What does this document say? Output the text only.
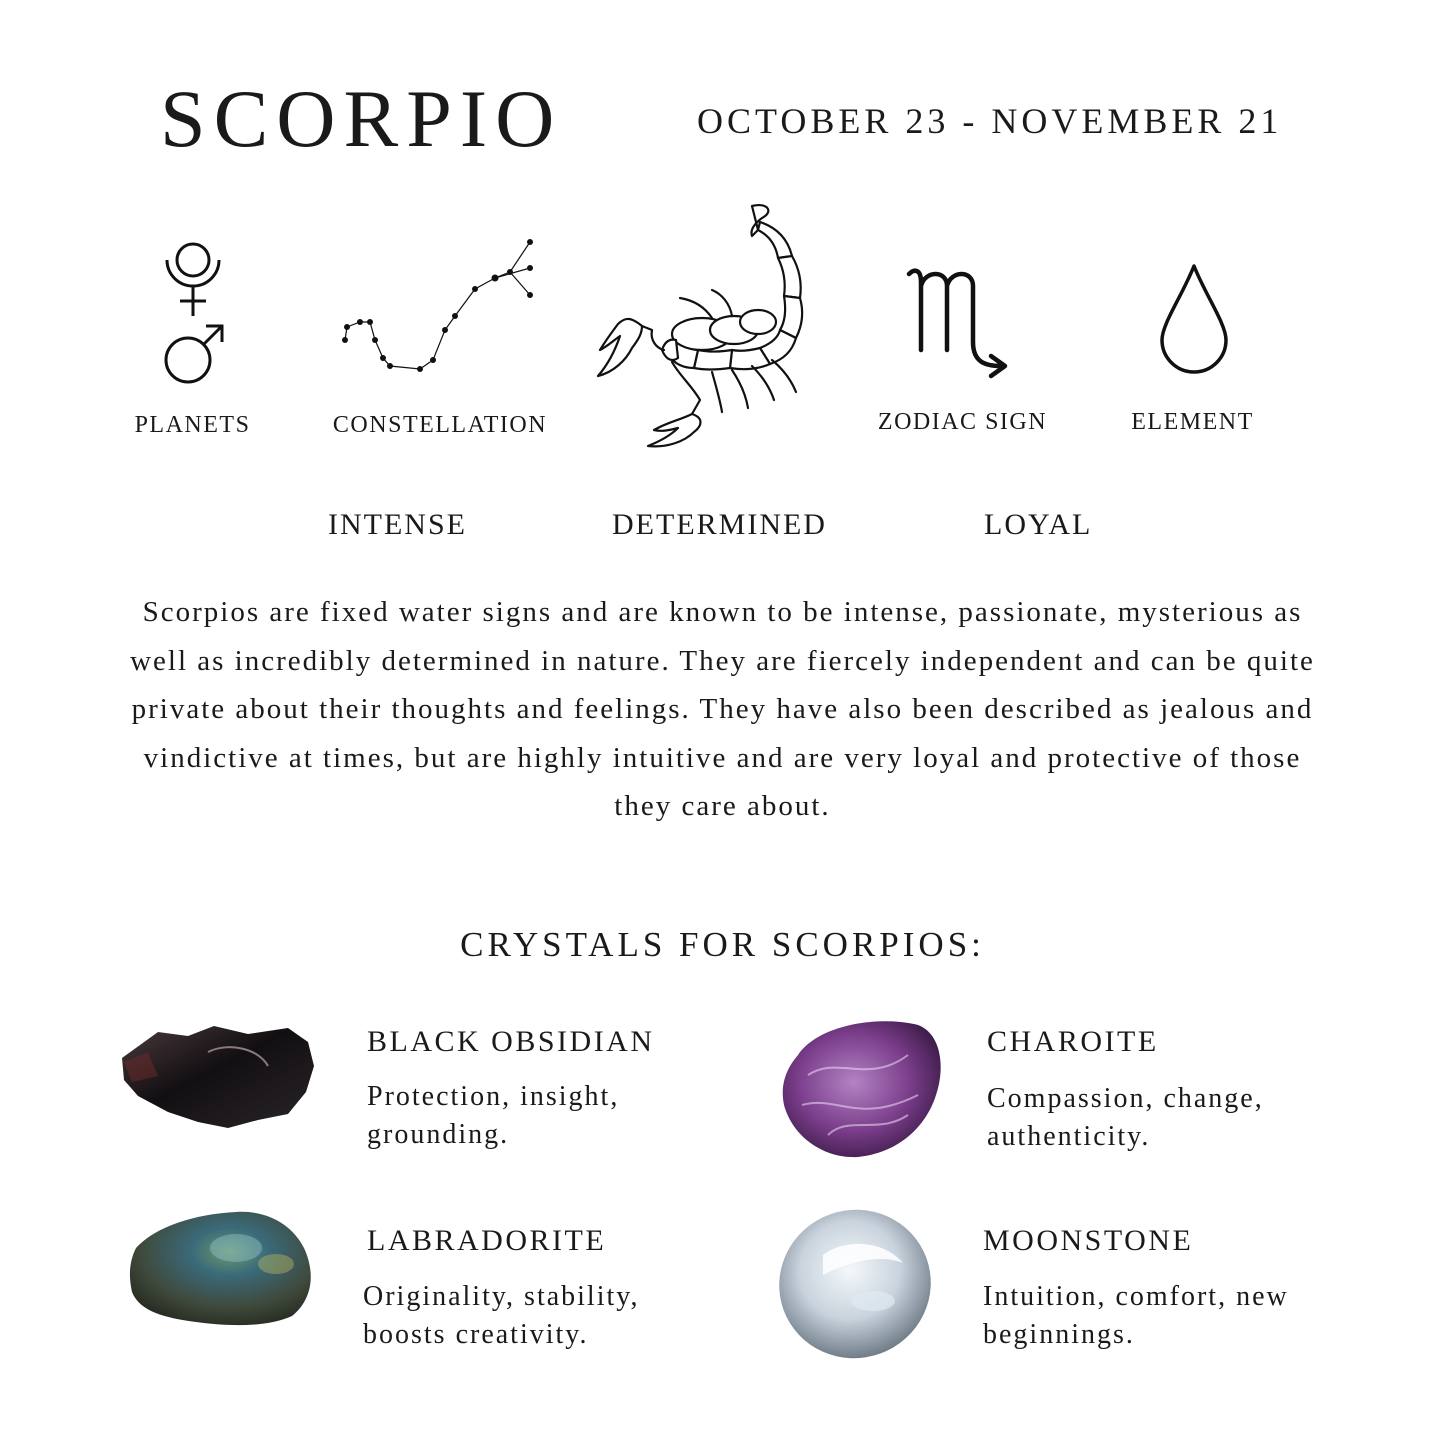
SCORPIO	OCTOBER 23 - NOVEMBER 21
PLANETS	CONSTELLATION	ZODIAC SIGN	ELEMENT
INTENSE	DETERMINED	LOYAL
Scorpios are fixed water signs and are known to be intense, passionate, mysterious as well as incredibly determined in nature. They are fiercely independent and can be quite private about their thoughts and feelings. They have also been described as jealous and vindictive at times, but are highly intuitive and are very loyal and protective of those they care about.
CRYSTALS FOR SCORPIOS:
BLACK OBSIDIAN
Protection, insight, grounding.
CHAROITE
Compassion, change, authenticity.
LABRADORITE
Originality, stability, boosts creativity.
MOONSTONE
Intuition, comfort, new beginnings.
